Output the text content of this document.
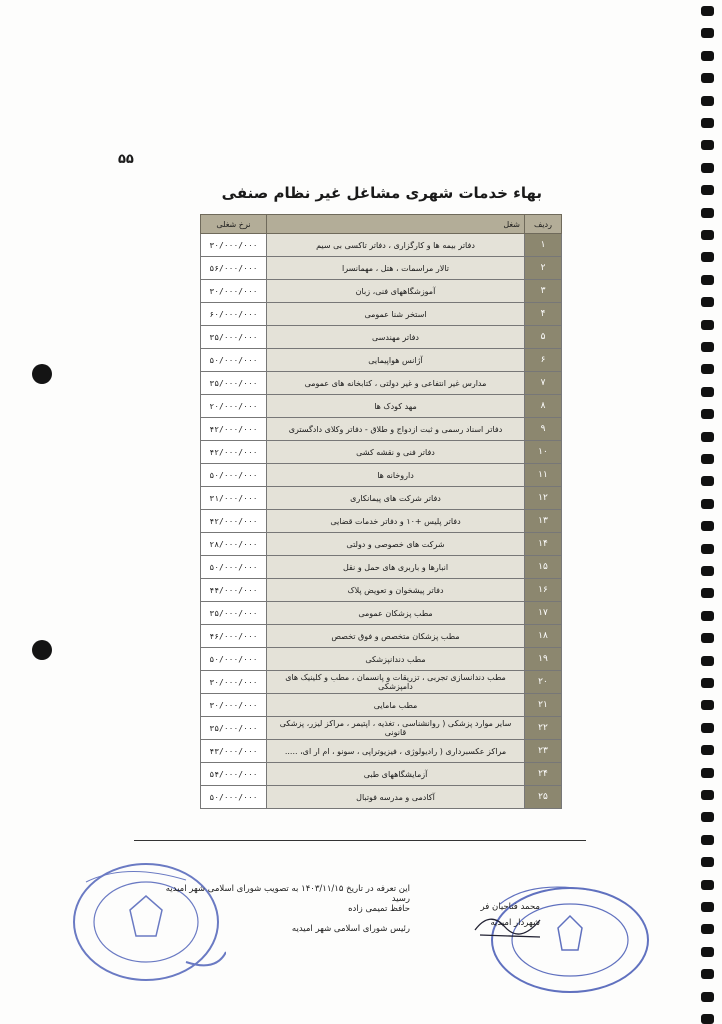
۵۵
بهاء خدمات شهری مشاغل غیر نظام صنفی
ردیف	شغل	نرخ شغلی
۱	دفاتر بیمه ها و کارگزاری ، دفاتر تاکسی بی سیم	۳۰/۰۰۰/۰۰۰
۲	تالار مراسمات ، هتل ، مهمانسرا	۵۶/۰۰۰/۰۰۰
۳	آموزشگاههای فنی، زبان	۳۰/۰۰۰/۰۰۰
۴	استخر شنا عمومی	۶۰/۰۰۰/۰۰۰
۵	دفاتر مهندسی	۳۵/۰۰۰/۰۰۰
۶	آژانس هواپیمایی	۵۰/۰۰۰/۰۰۰
۷	مدارس غیر انتفاعی و غیر دولتی ، کتابخانه های عمومی	۳۵/۰۰۰/۰۰۰
۸	مهد کودک ها	۲۰/۰۰۰/۰۰۰
۹	دفاتر اسناد رسمی و ثبت ازدواج و طلاق - دفاتر وکلای دادگستری	۴۲/۰۰۰/۰۰۰
۱۰	دفاتر فنی و نقشه کشی	۴۲/۰۰۰/۰۰۰
۱۱	داروخانه ها	۵۰/۰۰۰/۰۰۰
۱۲	دفاتر شرکت های پیمانکاری	۳۱/۰۰۰/۰۰۰
۱۳	دفاتر پلیس +۱۰ و دفاتر خدمات قضایی	۴۲/۰۰۰/۰۰۰
۱۴	شرکت های خصوصی و دولتی	۲۸/۰۰۰/۰۰۰
۱۵	انبارها و باربری های حمل و نقل	۵۰/۰۰۰/۰۰۰
۱۶	دفاتر پیشخوان و تعویض پلاک	۴۴/۰۰۰/۰۰۰
۱۷	مطب پزشکان عمومی	۳۵/۰۰۰/۰۰۰
۱۸	مطب پزشکان متخصص و فوق تخصص	۴۶/۰۰۰/۰۰۰
۱۹	مطب دندانپزشکی	۵۰/۰۰۰/۰۰۰
۲۰	مطب دندانسازی تجربی ، تزریقات و پانسمان ، مطب و کلینیک های دامپزشکی	۳۰/۰۰۰/۰۰۰
۲۱	مطب مامایی	۳۰/۰۰۰/۰۰۰
۲۲	سایر موارد پزشکی ( روانشناسی ، تغذیه ، اپتیمر ، مراکز لیزر، پزشکی قانونی	۳۵/۰۰۰/۰۰۰
۲۳	مراکز عکسبرداری ( رادیولوژی ، فیزیوتراپی ، سونو ، ام ار ای، .....	۴۳/۰۰۰/۰۰۰
۲۴	آزمایشگاههای طبی	۵۴/۰۰۰/۰۰۰
۲۵	آکادمی و مدرسه فوتبال	۵۰/۰۰۰/۰۰۰
این تعرفه در تاریخ ۱۴۰۳/۱۱/۱۵ به تصویب شورای اسلامی شهر امیدیه رسید
حافظ تمیمی زاده
رئیس شورای اسلامی شهر امیدیه
محمد فتاحیان فر
شهردار امیدیه
